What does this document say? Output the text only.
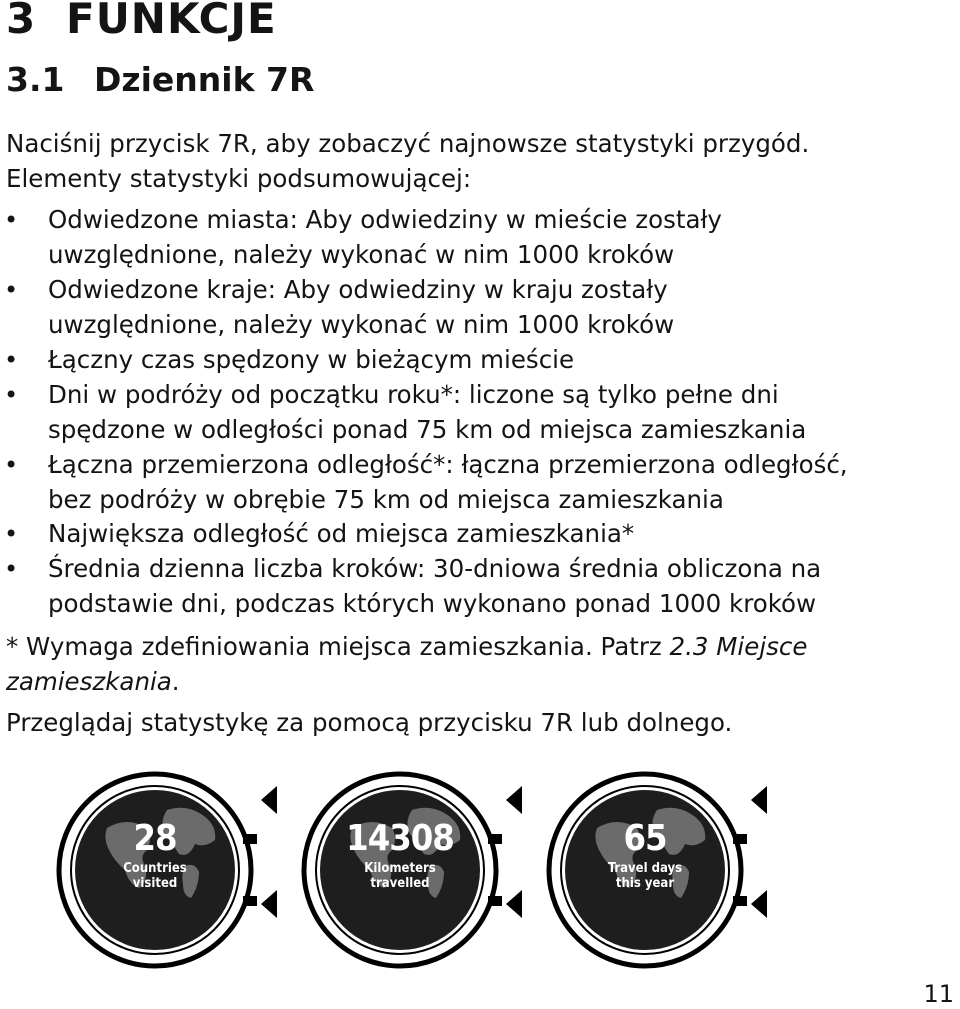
3 FUNKCJE
3.1 Dziennik 7R

Naciśnij przycisk 7R, aby zobaczyć najnowsze statystyki przygód.

Elementy statystyki podsumowującej:

• Odwiedzone miasta: Aby odwiedziny w mieście zostały
uwzględnione, należy wykonać w nim 1000 kroków
• Odwiedzone kraje: Aby odwiedziny w kraju zostały
uwzględnione, należy wykonać w nim 1000 kroków
• Łączny czas spędzony w bieżącym mieście
• Dni w podróży od początku roku*: liczone są tylko pełne dni
spędzone w odległości ponad 75 km od miejsca zamieszkania
• Łączna przemierzona odległość*: łączna przemierzona odległość,
bez podróży w obrębie 75 km od miejsca zamieszkania
• Największa odległość od miejsca zamieszkania*
• Średnia dzienna liczba kroków: 30-dniowa średnia obliczona na
podstawie dni, podczas których wykonano ponad 1000 kroków

* Wymaga zdefiniowania miejsca zamieszkania. Patrz 2.3 Miejsce

zamieszkania.

Przeglądaj statystykę za pomocą przycisku 7R lub dolnego.

28
Countries
visited
14308
Kilometers
travelled
65
Travel days
this year
11
